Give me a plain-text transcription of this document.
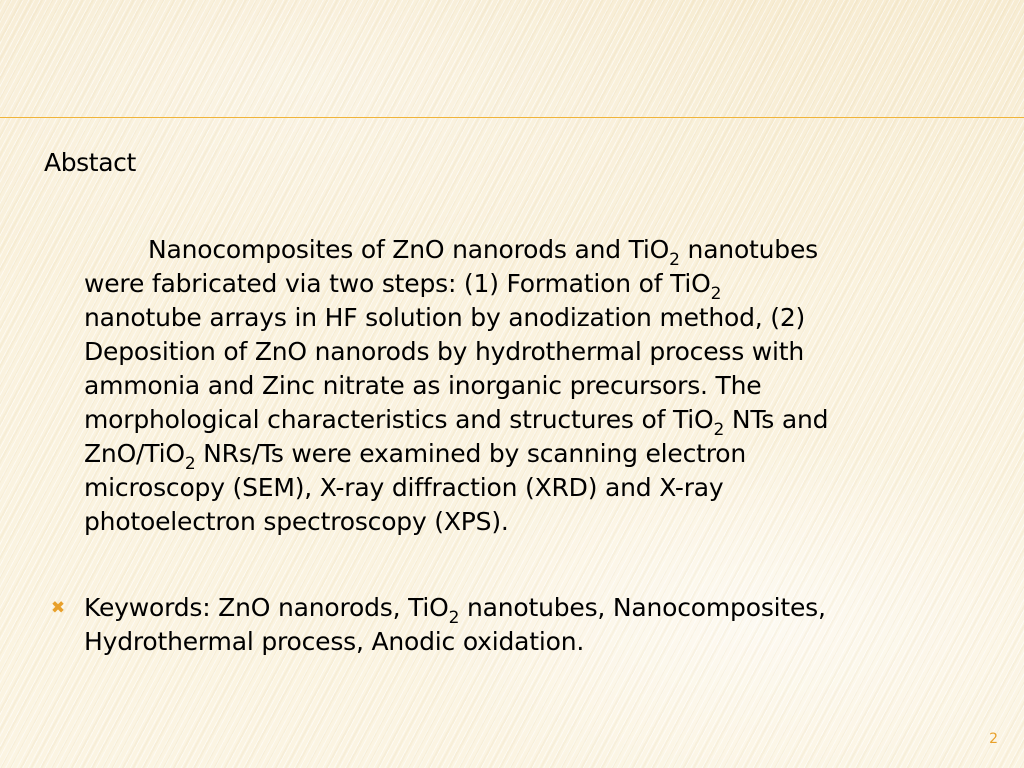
Abstact
Nanocomposites of ZnO nanorods and TiO$_2$ nanotubes
were fabricated via two steps: (1) Formation of TiO$_2$
nanotube arrays in HF solution by anodization method, (2)
Deposition of ZnO nanorods by hydrothermal process with
ammonia and Zinc nitrate as inorganic precursors. The
morphological characteristics and structures of TiO$_2$ NTs and
ZnO/TiO$_2$ NRs/Ts were examined by scanning electron
microscopy (SEM), X-ray diffraction (XRD) and X-ray
photoelectron spectroscopy (XPS).
✖ Keywords: ZnO nanorods, TiO$_2$ nanotubes, Nanocomposites,
Hydrothermal process, Anodic oxidation.
2
